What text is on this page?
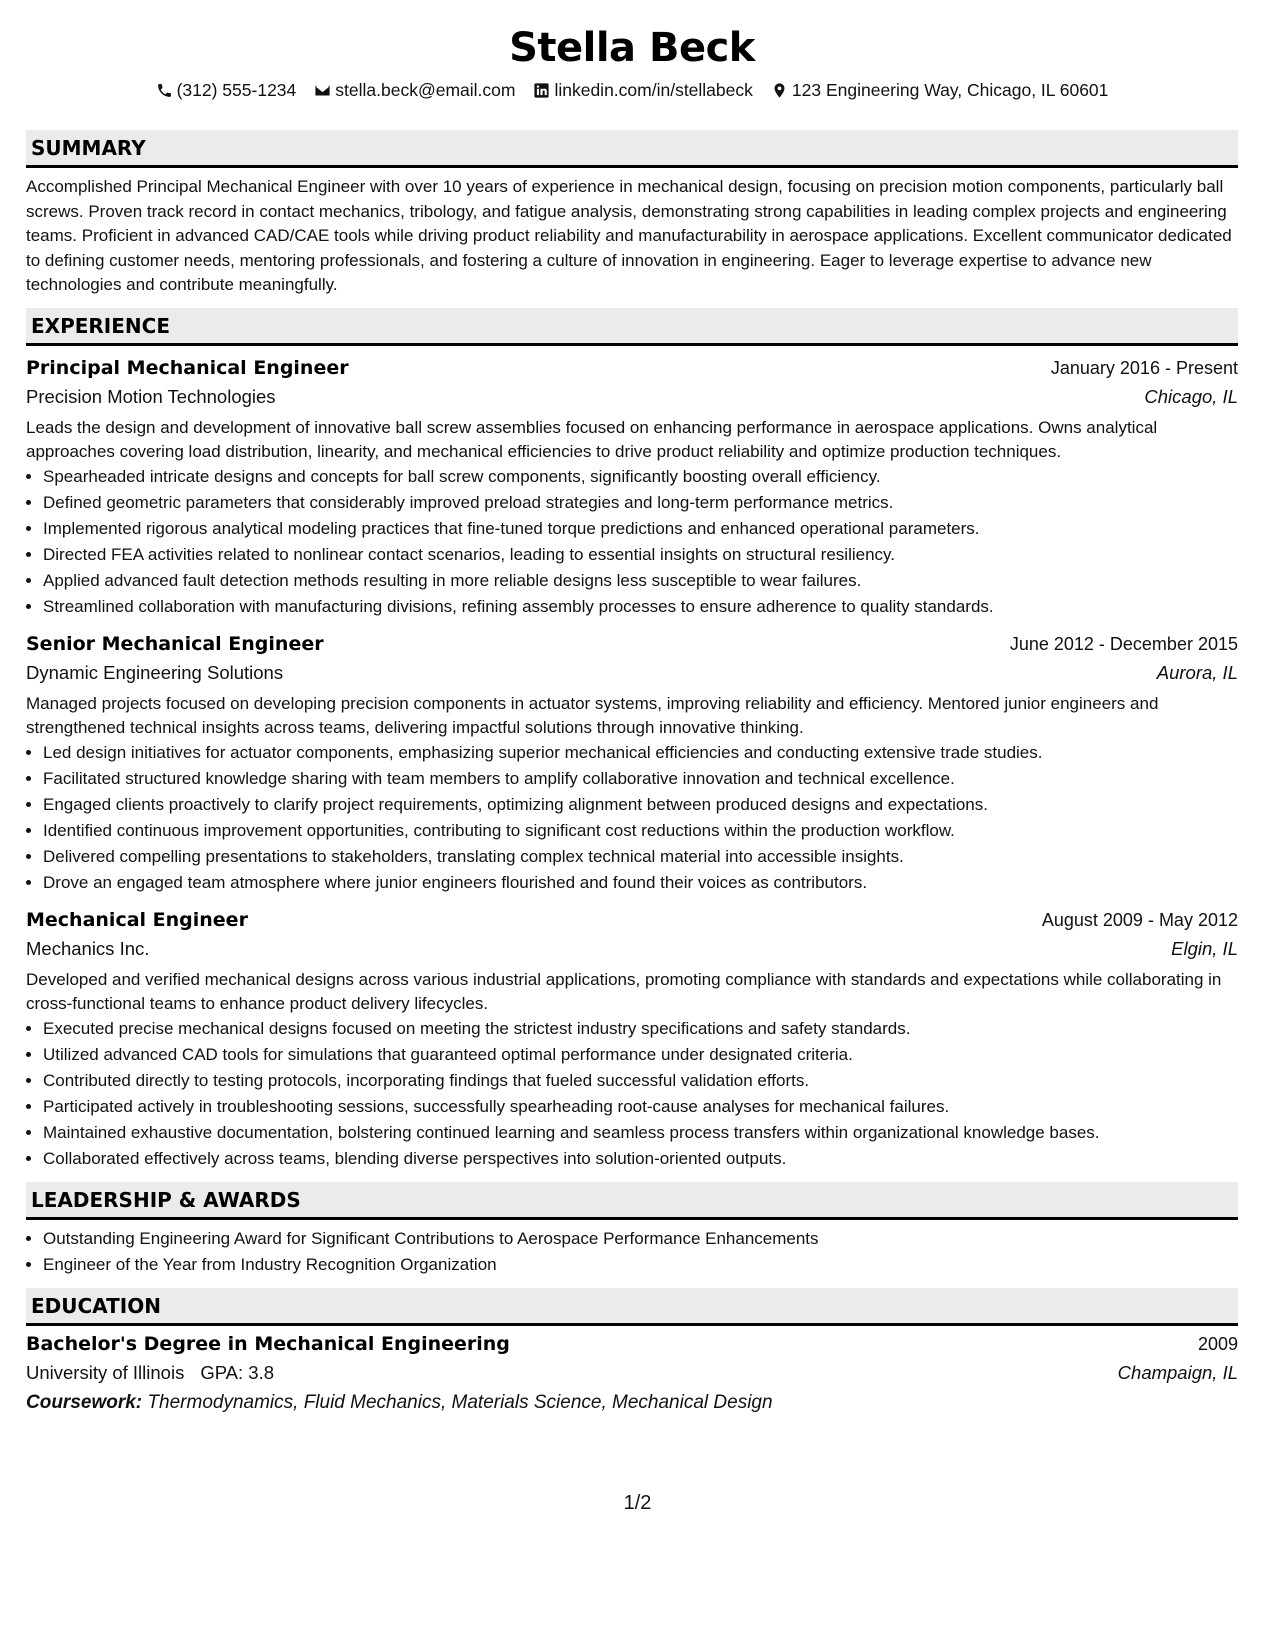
Stella Beck
(312) 555-1234 stella.beck@email.com linkedin.com/in/stellabeck 123 Engineering Way, Chicago, IL 60601
SUMMARY

Accomplished Principal Mechanical Engineer with over 10 years of experience in mechanical design, focusing on precision motion components, particularly ball screws. Proven track record in contact mechanics, tribology, and fatigue analysis, demonstrating strong capabilities in leading complex projects and engineering teams. Proficient in advanced CAD/CAE tools while driving product reliability and manufacturability in aerospace applications. Excellent communicator dedicated to defining customer needs, mentoring professionals, and fostering a culture of innovation in engineering. Eager to leverage expertise to advance new technologies and contribute meaningfully.

EXPERIENCE
Principal Mechanical Engineer	January 2016 - Present
Precision Motion Technologies	Chicago, IL

Leads the design and development of innovative ball screw assemblies focused on enhancing performance in aerospace applications. Owns analytical approaches covering load distribution, linearity, and mechanical efficiencies to drive product reliability and optimize production techniques.

• Spearheaded intricate designs and concepts for ball screw components, significantly boosting overall efficiency.
• Defined geometric parameters that considerably improved preload strategies and long-term performance metrics.
• Implemented rigorous analytical modeling practices that fine-tuned torque predictions and enhanced operational parameters.
• Directed FEA activities related to nonlinear contact scenarios, leading to essential insights on structural resiliency.
• Applied advanced fault detection methods resulting in more reliable designs less susceptible to wear failures.
• Streamlined collaboration with manufacturing divisions, refining assembly processes to ensure adherence to quality standards.
Senior Mechanical Engineer	June 2012 - December 2015
Dynamic Engineering Solutions	Aurora, IL

Managed projects focused on developing precision components in actuator systems, improving reliability and efficiency. Mentored junior engineers and strengthened technical insights across teams, delivering impactful solutions through innovative thinking.

• Led design initiatives for actuator components, emphasizing superior mechanical efficiencies and conducting extensive trade studies.
• Facilitated structured knowledge sharing with team members to amplify collaborative innovation and technical excellence.
• Engaged clients proactively to clarify project requirements, optimizing alignment between produced designs and expectations.
• Identified continuous improvement opportunities, contributing to significant cost reductions within the production workflow.
• Delivered compelling presentations to stakeholders, translating complex technical material into accessible insights.
• Drove an engaged team atmosphere where junior engineers flourished and found their voices as contributors.
Mechanical Engineer	August 2009 - May 2012
Mechanics Inc.	Elgin, IL

Developed and verified mechanical designs across various industrial applications, promoting compliance with standards and expectations while collaborating in cross-functional teams to enhance product delivery lifecycles.

• Executed precise mechanical designs focused on meeting the strictest industry specifications and safety standards.
• Utilized advanced CAD tools for simulations that guaranteed optimal performance under designated criteria.
• Contributed directly to testing protocols, incorporating findings that fueled successful validation efforts.
• Participated actively in troubleshooting sessions, successfully spearheading root-cause analyses for mechanical failures.
• Maintained exhaustive documentation, bolstering continued learning and seamless process transfers within organizational knowledge bases.
• Collaborated effectively across teams, blending diverse perspectives into solution-oriented outputs.
LEADERSHIP & AWARDS
• Outstanding Engineering Award for Significant Contributions to Aerospace Performance Enhancements
• Engineer of the Year from Industry Recognition Organization
EDUCATION
Bachelor's Degree in Mechanical Engineering	2009
University of Illinois GPA: 3.8	Champaign, IL
Coursework: Thermodynamics, Fluid Mechanics, Materials Science, Mechanical Design
1/2
